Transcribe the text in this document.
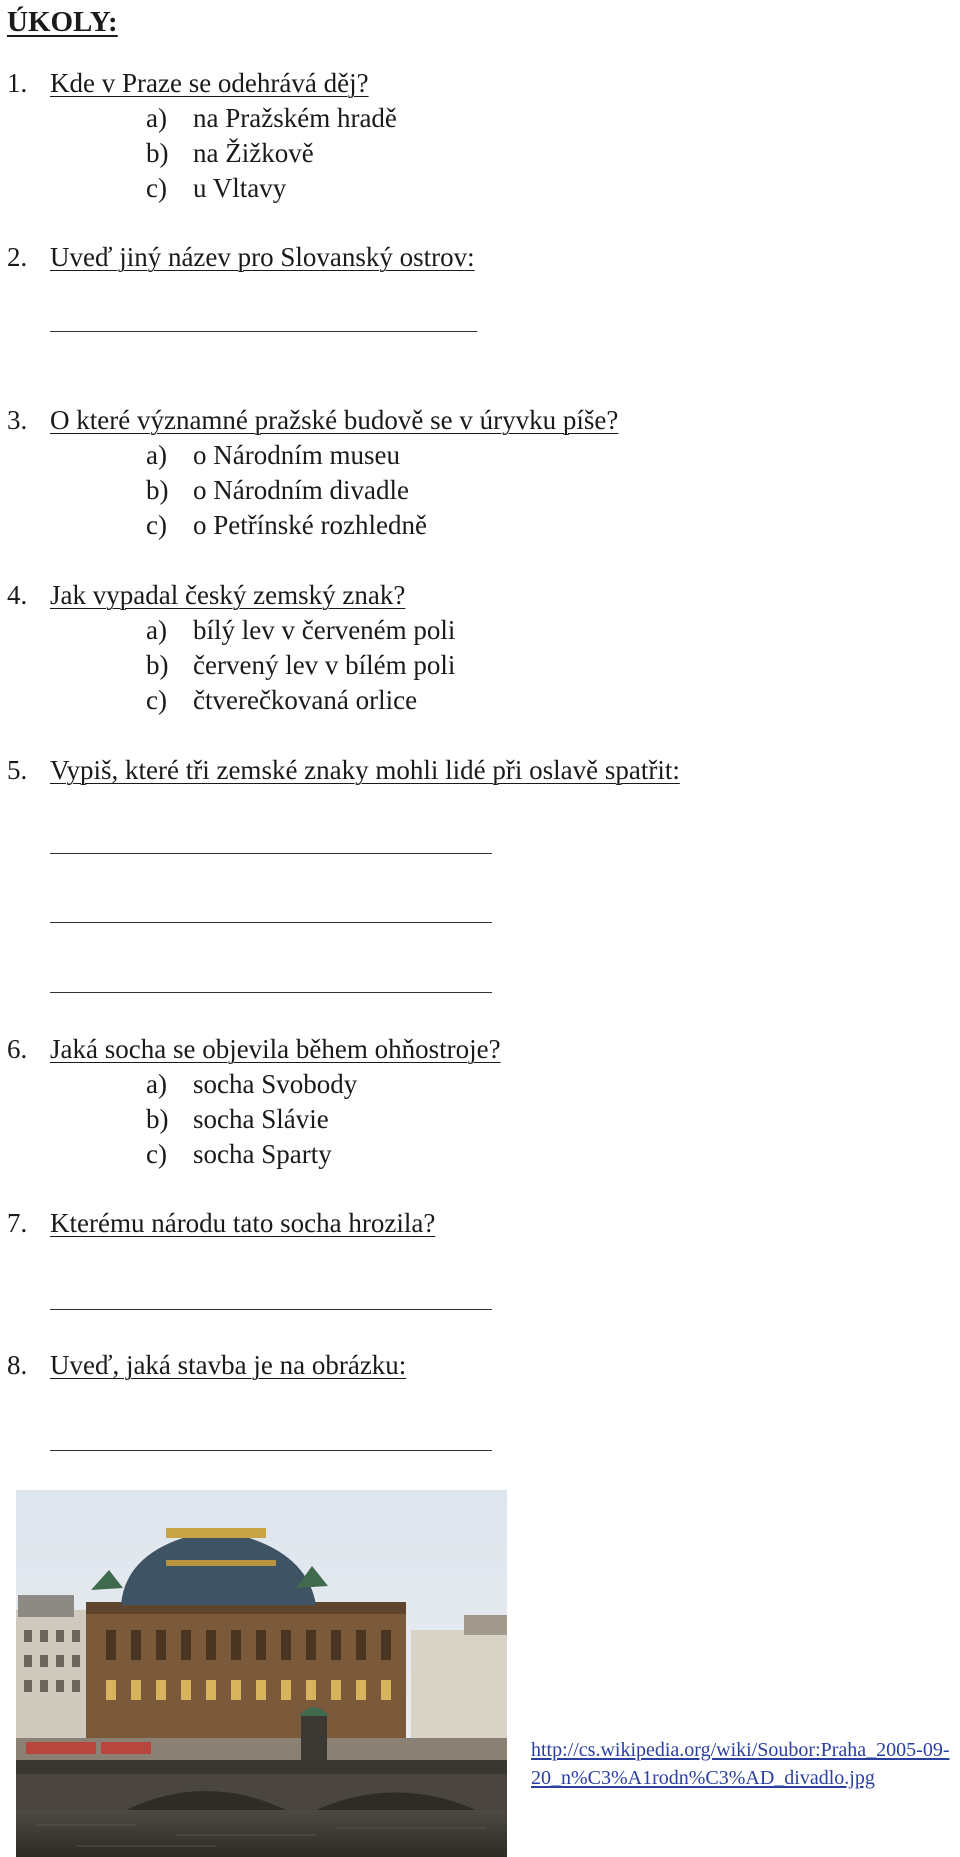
ÚKOLY:
1. Kde v Praze se odehrává děj?
a) na Pražském hradě
b) na Žižkově
c) u Vltavy
2. Uveď jiný název pro Slovanský ostrov:
3. O které významné pražské budově se v úryvku píše?
a) o Národním museu
b) o Národním divadle
c) o Petřínské rozhledně
4. Jak vypadal český zemský znak?
a) bílý lev v červeném poli
b) červený lev v bílém poli
c) čtverečkovaná orlice
5. Vypiš, které tři zemské znaky mohli lidé při oslavě spatřit:
6. Jaká socha se objevila během ohňostroje?
a) socha Svobody
b) socha Slávie
c) socha Sparty
7. Kterému národu tato socha hrozila?
8. Uveď, jaká stavba je na obrázku:
http://cs.wikipedia.org/wiki/Soubor:Praha_2005-09-
20_n%C3%A1rodn%C3%AD_divadlo.jpg
